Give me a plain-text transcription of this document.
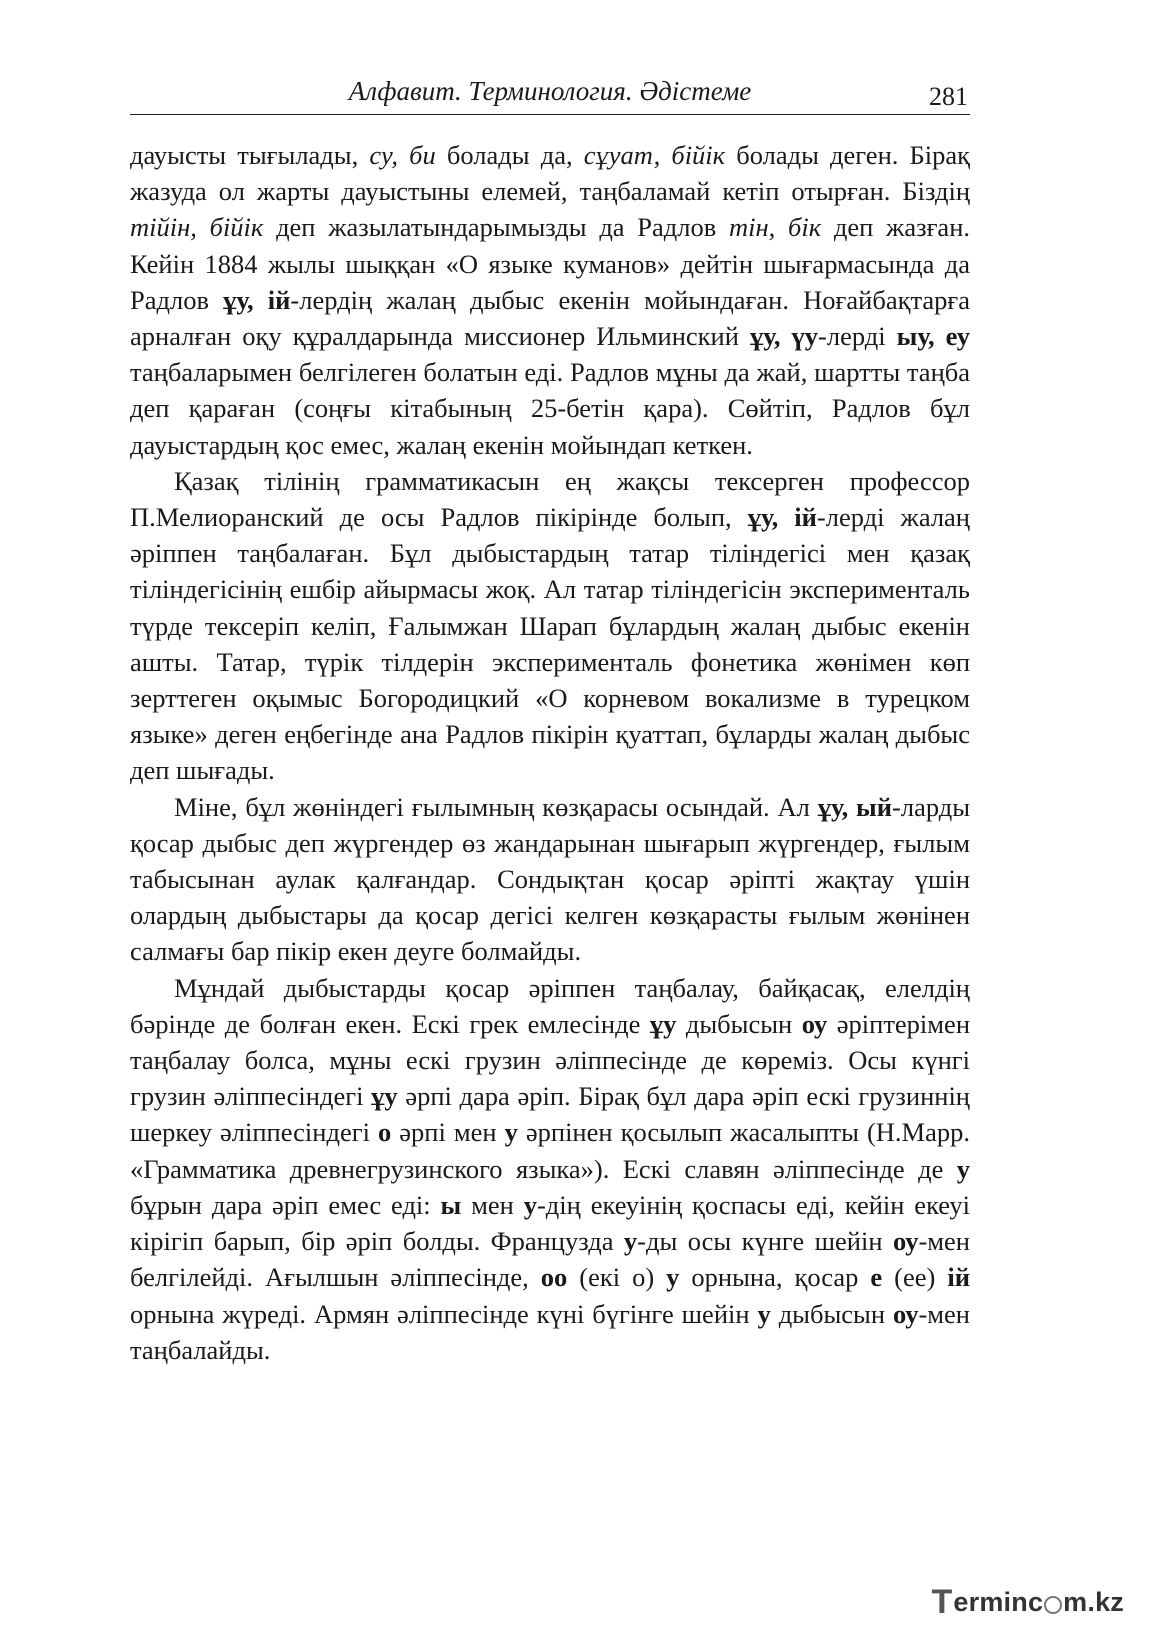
Алфавит. Терминология. Әдістеме	281

дауысты тығылады, су, би болады да, сұуат, бійік болады деген. Бірақ жазуда ол жарты дауыстыны елемей, таңбаламай кетіп отырған. Біздің тійін, бійік деп жазылатындарымызды да Радлов тін, бік деп жазған. Кейін 1884 жылы шыққан «О языке куманов» дейтін шығармасында да Радлов ұу, ій-лердің жалаң дыбыс екенін мойындаған. Ноғайбақтарға арналған оқу құралдарында миссионер Ильминский ұу, үу-лерді ыу, еу таңбаларымен белгілеген болатын еді. Радлов мұны да жай, шартты таңба деп қараған (соңғы кітабының 25-бетін қара). Сөйтіп, Радлов бұл дауыстардың қос емес, жалаң екенін мойындап кеткен.

Қазақ тілінің грамматикасын ең жақсы тексерген профессор П.Мелиоранский де осы Радлов пікірінде болып, ұу, ій-лерді жалаң әріппен таңбалаған. Бұл дыбыстардың татар тіліндегісі мен қазақ тіліндегісінің ешбір айырмасы жоқ. Ал татар тіліндегісін эксперименталь түрде тексеріп келіп, Ғалымжан Шарап бұлардың жалаң дыбыс екенін ашты. Татар, түрік тілдерін эксперименталь фонетика жөнімен көп зерттеген оқымыс Богородицкий «О корневом вокализме в турецком языке» деген еңбегінде ана Радлов пікірін қуаттап, бұларды жалаң дыбыс деп шығады.

Міне, бұл жөніндегі ғылымның көзқарасы осындай. Ал ұу, ый-ларды қосар дыбыс деп жүргендер өз жандарынан шығарып жүргендер, ғылым табысынан аулак қалғандар. Сондықтан қосар әріпті жақтау үшін олардың дыбыстары да қосар дегісі келген көзқарасты ғылым жөнінен салмағы бар пікір екен деуге болмайды.

Мұндай дыбыстарды қосар әріппен таңбалау, байқасақ, елелдің бәрінде де болған екен. Ескі грек емлесінде ұу дыбысын оу әріптерімен таңбалау болса, мұны ескі грузин әліппесінде де көреміз. Осы күнгі грузин әліппесіндегі ұу әрпі дара әріп. Бірақ бұл дара әріп ескі грузиннің шеркеу әліппесіндегі о әрпі мен у әрпінен қосылып жасалыпты (Н.Марр. «Грамматика древнегрузинского языка»). Ескі славян әліппесінде де у бұрын дара әріп емес еді: ы мен у-дің екеуінің қоспасы еді, кейін екеуі кірігіп барып, бір әріп болды. Французда у-ды осы күнге шейін оу-мен белгілейді. Ағылшын әліппесінде, оо (екі о) у орнына, қосар е (ее) ій орнына жүреді. Армян әліппесінде күні бүгінге шейін у дыбысын оу-мен таңбалайды.

T erminc m.kz
